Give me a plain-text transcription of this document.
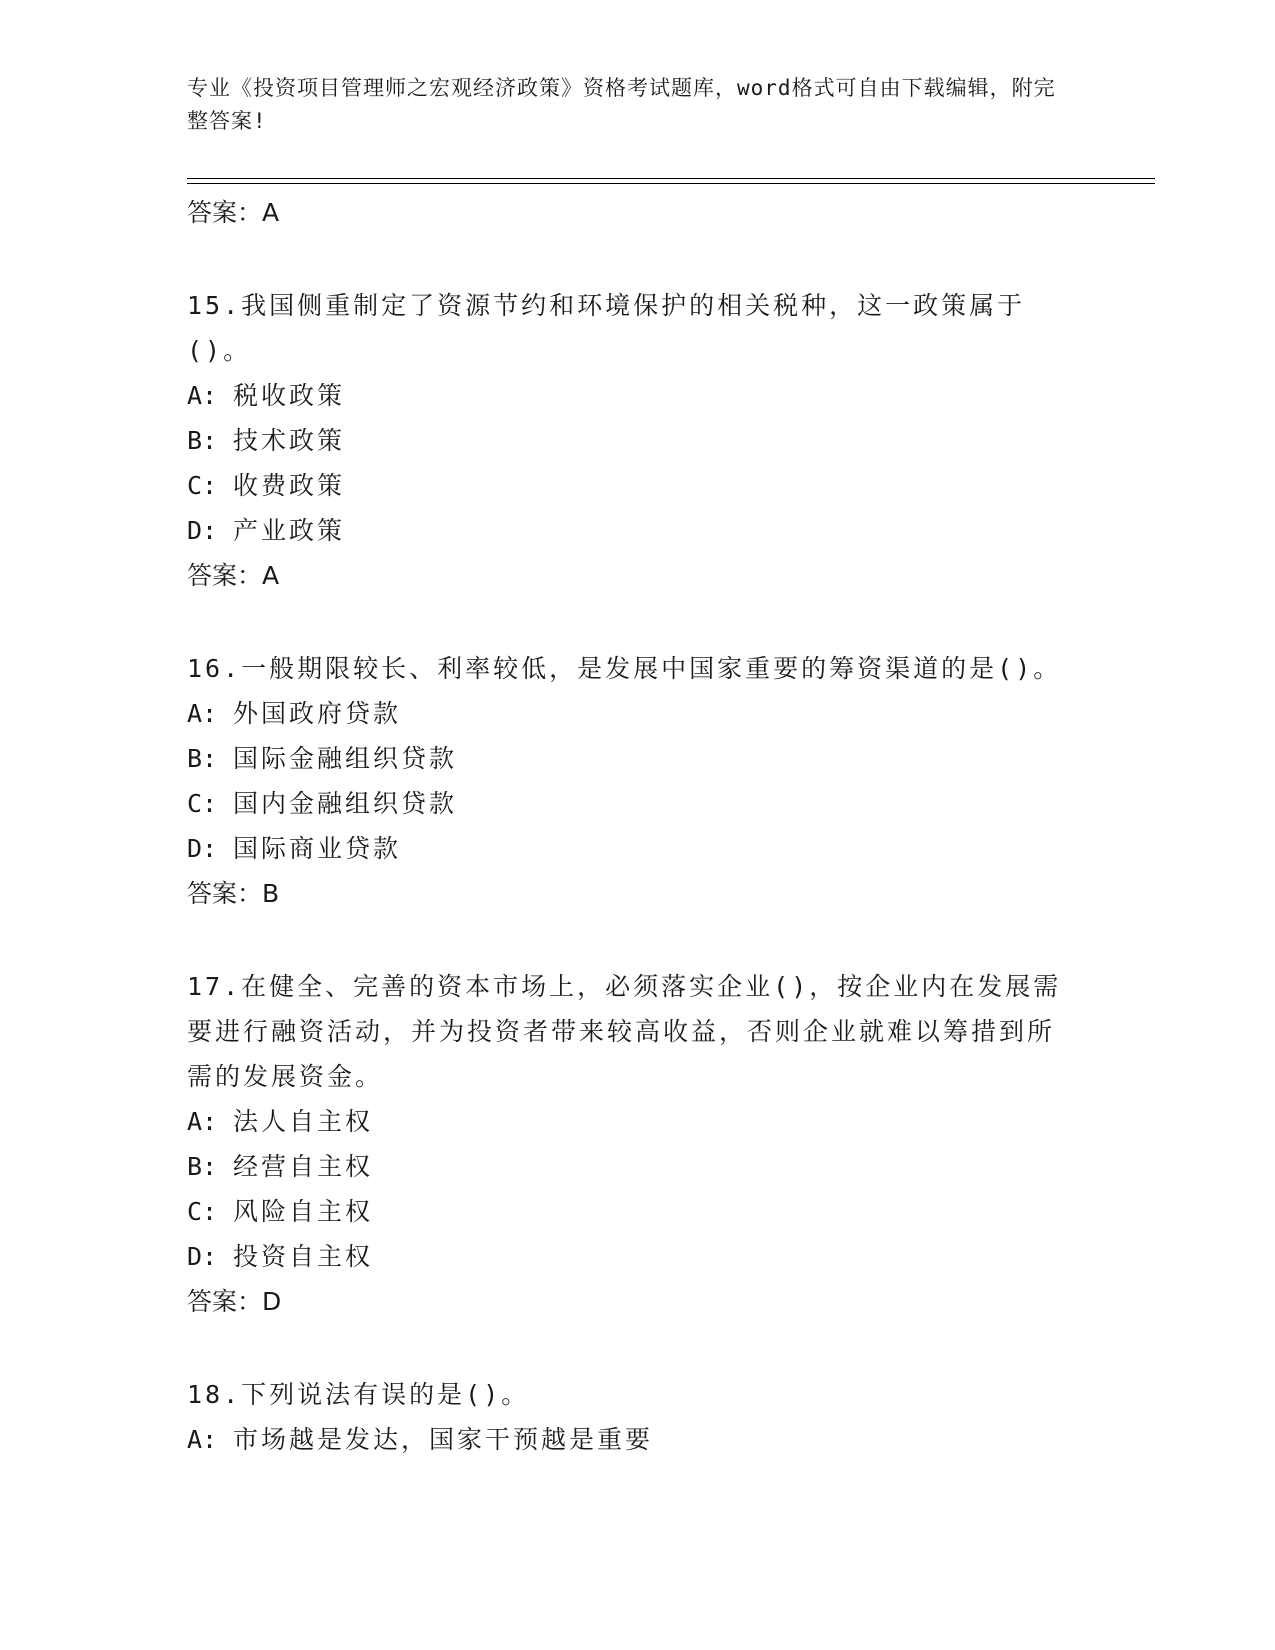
专业《投资项目管理师之宏观经济政策》资格考试题库，word格式可自由下载编辑，附完整答案!
答案：A
15.我国侧重制定了资源节约和环境保护的相关税种，这一政策属于()。
A: 税收政策
B: 技术政策
C: 收费政策
D: 产业政策
答案：A
16.一般期限较长、利率较低，是发展中国家重要的筹资渠道的是()。
A: 外国政府贷款
B: 国际金融组织贷款
C: 国内金融组织贷款
D: 国际商业贷款
答案：B
17.在健全、完善的资本市场上，必须落实企业()，按企业内在发展需要进行融资活动，并为投资者带来较高收益，否则企业就难以筹措到所需的发展资金。
A: 法人自主权
B: 经营自主权
C: 风险自主权
D: 投资自主权
答案：D
18.下列说法有误的是()。
A: 市场越是发达，国家干预越是重要
